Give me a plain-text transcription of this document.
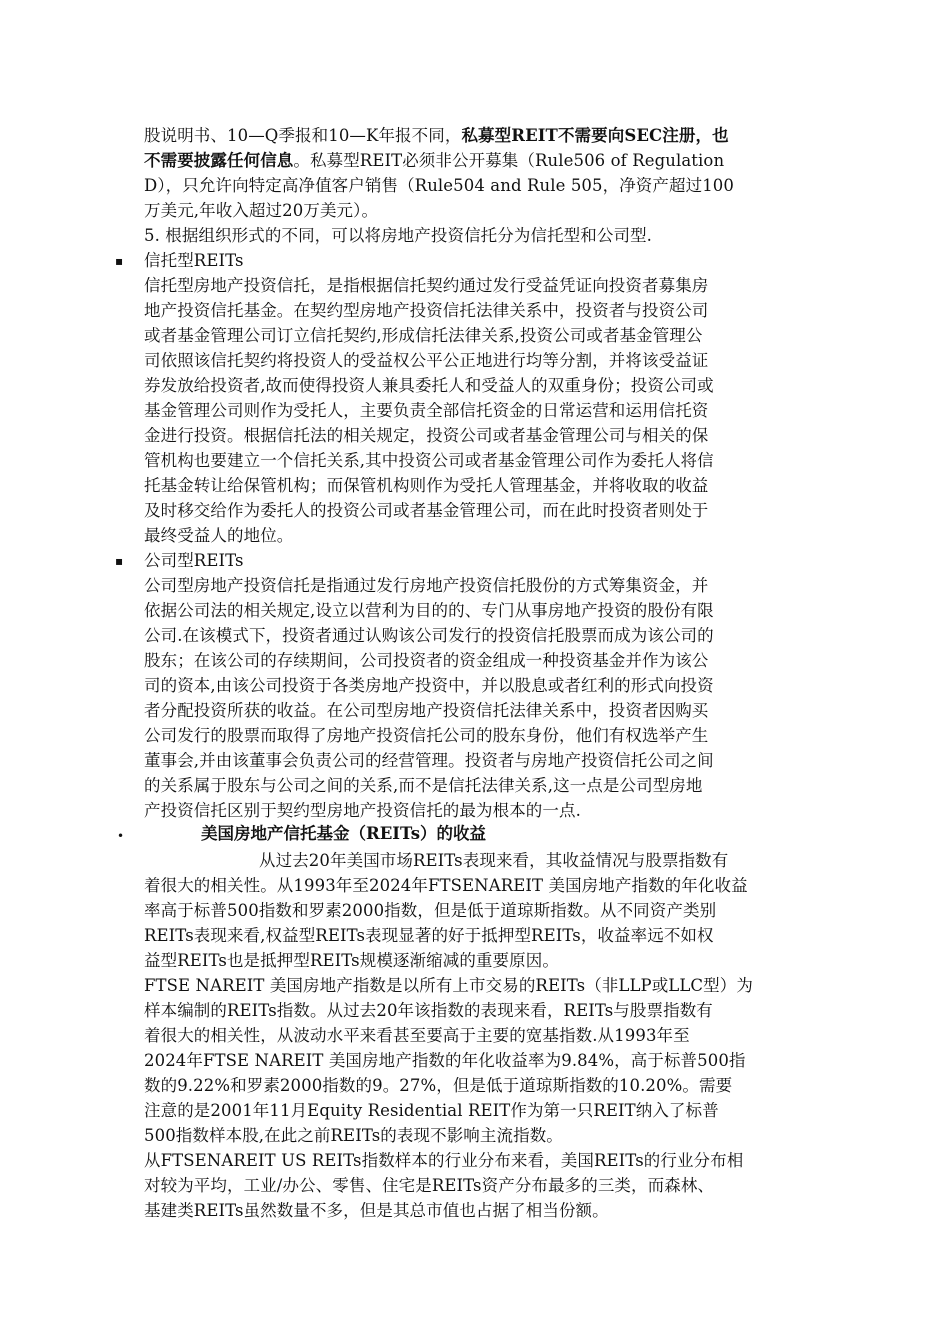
股说明书、10—Q季报和10—K年报不同，私募型REIT不需要向SEC注册，也
不需要披露任何信息。私募型REIT必须非公开募集（Rule506 of Regulation
D），只允许向特定高净值客户销售（Rule504 and Rule 505，净资产超过100
万美元,年收入超过20万美元）。
5. 根据组织形式的不同，可以将房地产投资信托分为信托型和公司型.
▪ 信托型REITs
信托型房地产投资信托，是指根据信托契约通过发行受益凭证向投资者募集房
地产投资信托基金。在契约型房地产投资信托法律关系中，投资者与投资公司
或者基金管理公司订立信托契约,形成信托法律关系,投资公司或者基金管理公
司依照该信托契约将投资人的受益权公平公正地进行均等分割，并将该受益证
券发放给投资者,故而使得投资人兼具委托人和受益人的双重身份；投资公司或
基金管理公司则作为受托人，主要负责全部信托资金的日常运营和运用信托资
金进行投资。根据信托法的相关规定，投资公司或者基金管理公司与相关的保
管机构也要建立一个信托关系,其中投资公司或者基金管理公司作为委托人将信
托基金转让给保管机构；而保管机构则作为受托人管理基金，并将收取的收益
及时移交给作为委托人的投资公司或者基金管理公司，而在此时投资者则处于
最终受益人的地位。
▪ 公司型REITs
公司型房地产投资信托是指通过发行房地产投资信托股份的方式筹集资金，并
依据公司法的相关规定,设立以营利为目的的、专门从事房地产投资的股份有限
公司.在该模式下，投资者通过认购该公司发行的投资信托股票而成为该公司的
股东；在该公司的存续期间，公司投资者的资金组成一种投资基金并作为该公
司的资本,由该公司投资于各类房地产投资中，并以股息或者红利的形式向投资
者分配投资所获的收益。在公司型房地产投资信托法律关系中，投资者因购买
公司发行的股票而取得了房地产投资信托公司的股东身份，他们有权选举产生
董事会,并由该董事会负责公司的经营管理。投资者与房地产投资信托公司之间
的关系属于股东与公司之间的关系,而不是信托法律关系,这一点是公司型房地
产投资信托区别于契约型房地产投资信托的最为根本的一点.
•	美国房地产信托基金（REITs）的收益
从过去20年美国市场REITs表现来看，其收益情况与股票指数有
着很大的相关性。从1993年至2024年FTSENAREIT 美国房地产指数的年化收益
率高于标普500指数和罗素2000指数，但是低于道琼斯指数。从不同资产类别
REITs表现来看,权益型REITs表现显著的好于抵押型REITs，收益率远不如权
益型REITs也是抵押型REITs规模逐渐缩减的重要原因。
FTSE NAREIT 美国房地产指数是以所有上市交易的REITs（非LLP或LLC型）为
样本编制的REITs指数。从过去20年该指数的表现来看，REITs与股票指数有
着很大的相关性，从波动水平来看甚至要高于主要的宽基指数.从1993年至
2024年FTSE NAREIT 美国房地产指数的年化收益率为9.84%，高于标普500指
数的9.22%和罗素2000指数的9。27%，但是低于道琼斯指数的10.20%。需要
注意的是2001年11月Equity Residential REIT作为第一只REIT纳入了标普
500指数样本股,在此之前REITs的表现不影响主流指数。
从FTSENAREIT US REITs指数样本的行业分布来看，美国REITs的行业分布相
对较为平均，工业/办公、零售、住宅是REITs资产分布最多的三类，而森林、
基建类REITs虽然数量不多，但是其总市值也占据了相当份额。
